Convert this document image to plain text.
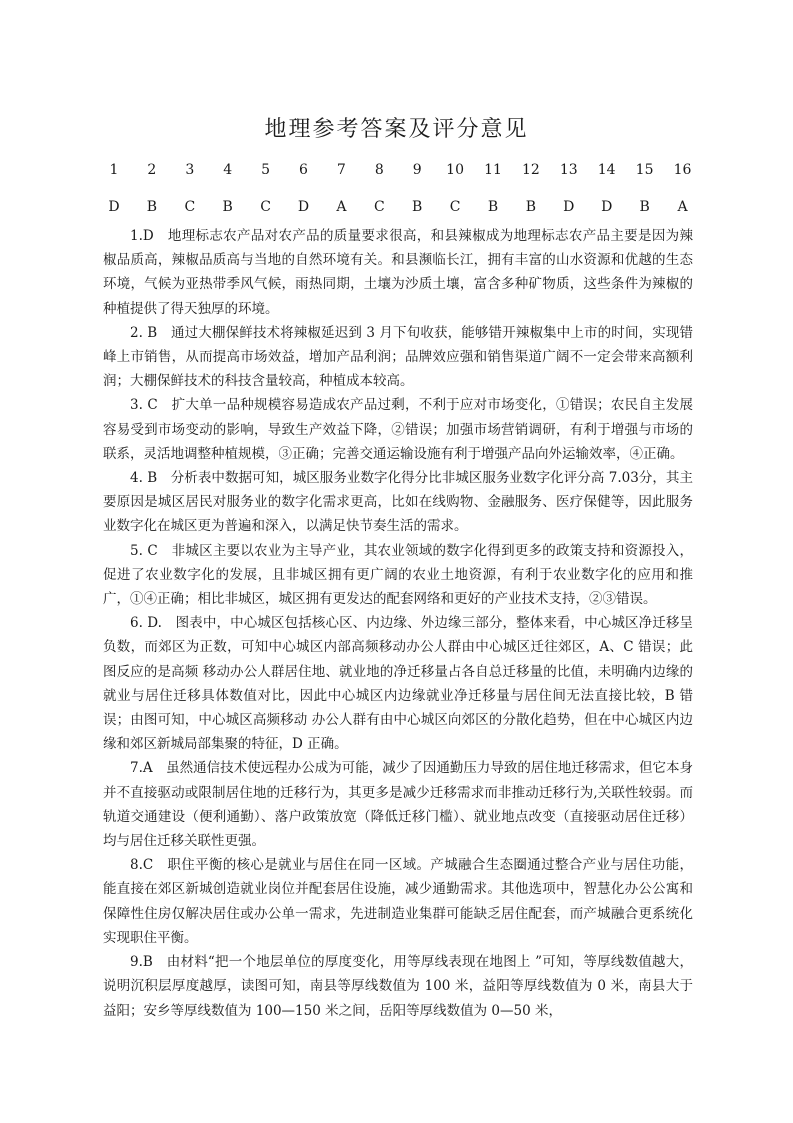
地理参考答案及评分意见
1	2	3	4	5	6	7	8	9	10	11	12	13	14	15	16
D	B	C	B	C	D	A	C	B	C	B	B	D	D	B	A

1.D　地理标志农产品对农产品的质量要求很高，和县辣椒成为地理标志农产品主要是因为辣椒品质高，辣椒品质高与当地的自然环境有关。和县濒临长江，拥有丰富的山水资源和优越的生态环境，气候为亚热带季风气候，雨热同期，土壤为沙质土壤，富含多种矿物质，这些条件为辣椒的种植提供了得天独厚的环境。

2. B　通过大棚保鲜技术将辣椒延迟到 3 月下旬收获，能够错开辣椒集中上市的时间，实现错峰上市销售，从而提高市场效益，增加产品利润；品牌效应强和销售渠道广阔不一定会带来高额利润；大棚保鲜技术的科技含量较高，种植成本较高。

3. C　扩大单一品种规模容易造成农产品过剩，不利于应对市场变化，①错误；农民自主发展容易受到市场变动的影响，导致生产效益下降，②错误；加强市场营销调研，有利于增强与市场的联系，灵活地调整种植规模，③正确；完善交通运输设施有利于增强产品向外运输效率，④正确。

4. B　分析表中数据可知，城区服务业数字化得分比非城区服务业数字化评分高 7.03分，其主要原因是城区居民对服务业的数字化需求更高，比如在线购物、金融服务、医疗保健等，因此服务业数字化在城区更为普遍和深入，以满足快节奏生活的需求。

5. C　非城区主要以农业为主导产业，其农业领域的数字化得到更多的政策支持和资源投入，促进了农业数字化的发展，且非城区拥有更广阔的农业土地资源，有利于农业数字化的应用和推广，①④正确；相比非城区，城区拥有更发达的配套网络和更好的产业技术支持，②③错误。

6. D.　图表中，中心城区包括核心区、内边缘、外边缘三部分，整体来看，中心城区净迁移呈负数，而郊区为正数，可知中心城区内部高频移动办公人群由中心城区迁往郊区，A、C 错误；此图反应的是高频 移动办公人群居住地、就业地的净迁移量占各自总迁移量的比值，未明确内边缘的就业与居住迁移具体数值对比，因此中心城区内边缘就业净迁移量与居住间无法直接比较，B 错误；由图可知，中心城区高频移动 办公人群有由中心城区向郊区的分散化趋势，但在中心城区内边缘和郊区新城局部集聚的特征，D 正确。

7.A　虽然通信技术使远程办公成为可能，减少了因通勤压力导致的居住地迁移需求，但它本身并不直接驱动或限制居住地的迁移行为，其更多是减少迁移需求而非推动迁移行为,关联性较弱。而轨道交通建设（便利通勤）、落户政策放宽（降低迁移门槛）、就业地点改变（直接驱动居住迁移）均与居住迁移关联性更强。

8.C　职住平衡的核心是就业与居住在同一区域。产城融合生态圈通过整合产业与居住功能，能直接在郊区新城创造就业岗位并配套居住设施，减少通勤需求。其他选项中，智慧化办公公寓和保障性住房仅解决居住或办公单一需求，先进制造业集群可能缺乏居住配套，而产城融合更系统化实现职住平衡。

9.B　由材料“把一个地层单位的厚度变化，用等厚线表现在地图上 ”可知，等厚线数值越大，说明沉积层厚度越厚，读图可知，南县等厚线数值为 100 米，益阳等厚线数值为 0 米，南县大于益阳；安乡等厚线数值为 100—150 米之间，岳阳等厚线数值为 0—50 米，
